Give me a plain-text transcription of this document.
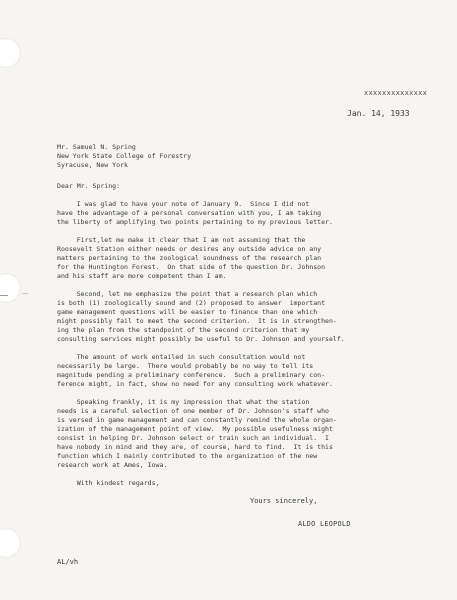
xxxxxxxxxxxxxx
Jan. 14, 1933
Mr. Samuel N. Spring
New York State College of Forestry
Syracuse, New York
Dear Mr. Spring:
I was glad to have your note of January 9.  Since I did not
have the advantage of a personal conversation with you, I am taking
the liberty of amplifying two points pertaining to my previous letter.
First,let me make it clear that I am not assuming that the
Roosevelt Station either needs or desires any outside advice on any
matters pertaining to the zoological soundness of the research plan
for the Huntington Forest.  On that side of the question Dr. Johnson
and his staff are more competent than I am.
Second, let me emphasize the point that a research plan which
is both (1) zoologically sound and (2) proposed to answer  important
game management questions will be easier to finance than one which
might possibly fail to meet the second criterion.  It is in strengthen-
ing the plan from the standpoint of the second criterion that my
consulting services might possibly be useful to Dr. Johnson and yourself.
The amount of work entailed in such consultation would not
necessarily be large.  There would probably be no way to tell its
magnitude pending a preliminary conference.  Such a preliminary con-
ference might, in fact, show no need for any consulting work whatever.
Speaking frankly, it is my impression that what the station
needs is a careful selection of one member of Dr. Johnson's staff who
is versed in game management and can constantly remind the whole organ-
ization of the management point of view.  My possible usefulness might
consist in helping Dr. Johnson select or train such an individual.  I
have nobody in mind and they are, of course, hard to find.  It is this
function which I mainly contributed to the organization of the new
research work at Ames, Iowa.
With kindest regards,
Yours sincerely,
ALDO LEOPOLD
AL/vh
